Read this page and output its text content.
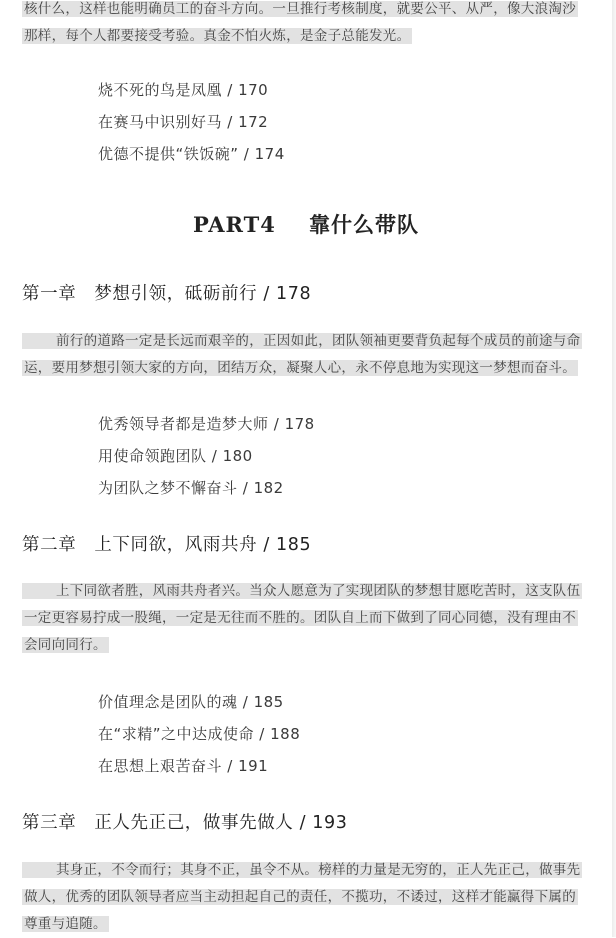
核什么，这样也能明确员工的奋斗方向。一旦推行考核制度，就要公平、从严，像大浪淘沙
那样，每个人都要接受考验。真金不怕火炼，是金子总能发光。
烧不死的鸟是凤凰 / 170
在赛马中识别好马 / 172
优德不提供“铁饭碗” / 174
PART4    靠什么带队
第一章 梦想引领，砥砺前行 / 178
前行的道路一定是长远而艰辛的，正因如此，团队领袖更要背负起每个成员的前途与命
运，要用梦想引领大家的方向，团结万众，凝聚人心，永不停息地为实现这一梦想而奋斗。
优秀领导者都是造梦大师 / 178
用使命领跑团队 / 180
为团队之梦不懈奋斗 / 182
第二章 上下同欲，风雨共舟 / 185
上下同欲者胜，风雨共舟者兴。当众人愿意为了实现团队的梦想甘愿吃苦时，这支队伍
一定更容易拧成一股绳，一定是无往而不胜的。团队自上而下做到了同心同德，没有理由不
会同向同行。
价值理念是团队的魂 / 185
在“求精”之中达成使命 / 188
在思想上艰苦奋斗 / 191
第三章 正人先正己，做事先做人 / 193
其身正，不令而行；其身不正，虽令不从。榜样的力量是无穷的，正人先正己，做事先
做人，优秀的团队领导者应当主动担起自己的责任，不揽功，不诿过，这样才能赢得下属的
尊重与追随。
